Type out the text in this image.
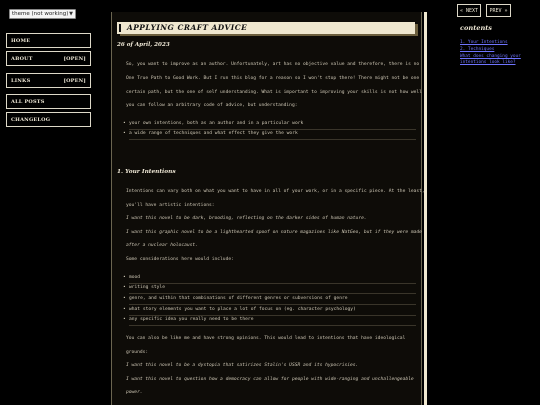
theme (not working) ▼
HOME
ABOUT	[OPEN]
LINKS	[OPEN]
ALL POSTS
CHANGELOG
APPLYING CRAFT ADVICE
26 of April, 2023
So, you want to improve as an author. Unfortunately, art has no objective value and therefore, there is no
One True Path to Good Work. But I run this blog for a reason so I won't stop there! There might not be one
certain path, but the one of self understanding. What is important to improving your skills is not how well
you can follow an arbitrary code of advice, but understanding:
• your own intentions, both as an author and in a particular work
• a wide range of techniques and what effect they give the work
1. Your Intentions
Intentions can vary both on what you want to have in all of your work, or in a specific piece. At the least,
you'll have artistic intentions:
I want this novel to be dark, brooding, reflecting on the darker sides of human nature.
I want this graphic novel to be a lighthearted spoof on nature magazines like NatGeo, but if they were made
after a nuclear holocaust.
Some considerations here would include:
• mood
• writing style
• genre, and within that combinations of different genres or subversions of genre
• what story elements you want to place a lot of focus on (eg. character psychology)
• any specific idea you really need to be there
You can also be like me and have strong opinions. This would lead to intentions that have ideological
grounds:
I want this novel to be a dystopia that satirizes Stalin's USSR and its hypocrisies.
I want this novel to question how a democracy can allow for people with wide-ranging and unchallengeable
power.
« NEXT PREV »
contents
1. Your Intentions
2. Techniques
What does changing your
intentions look like?
